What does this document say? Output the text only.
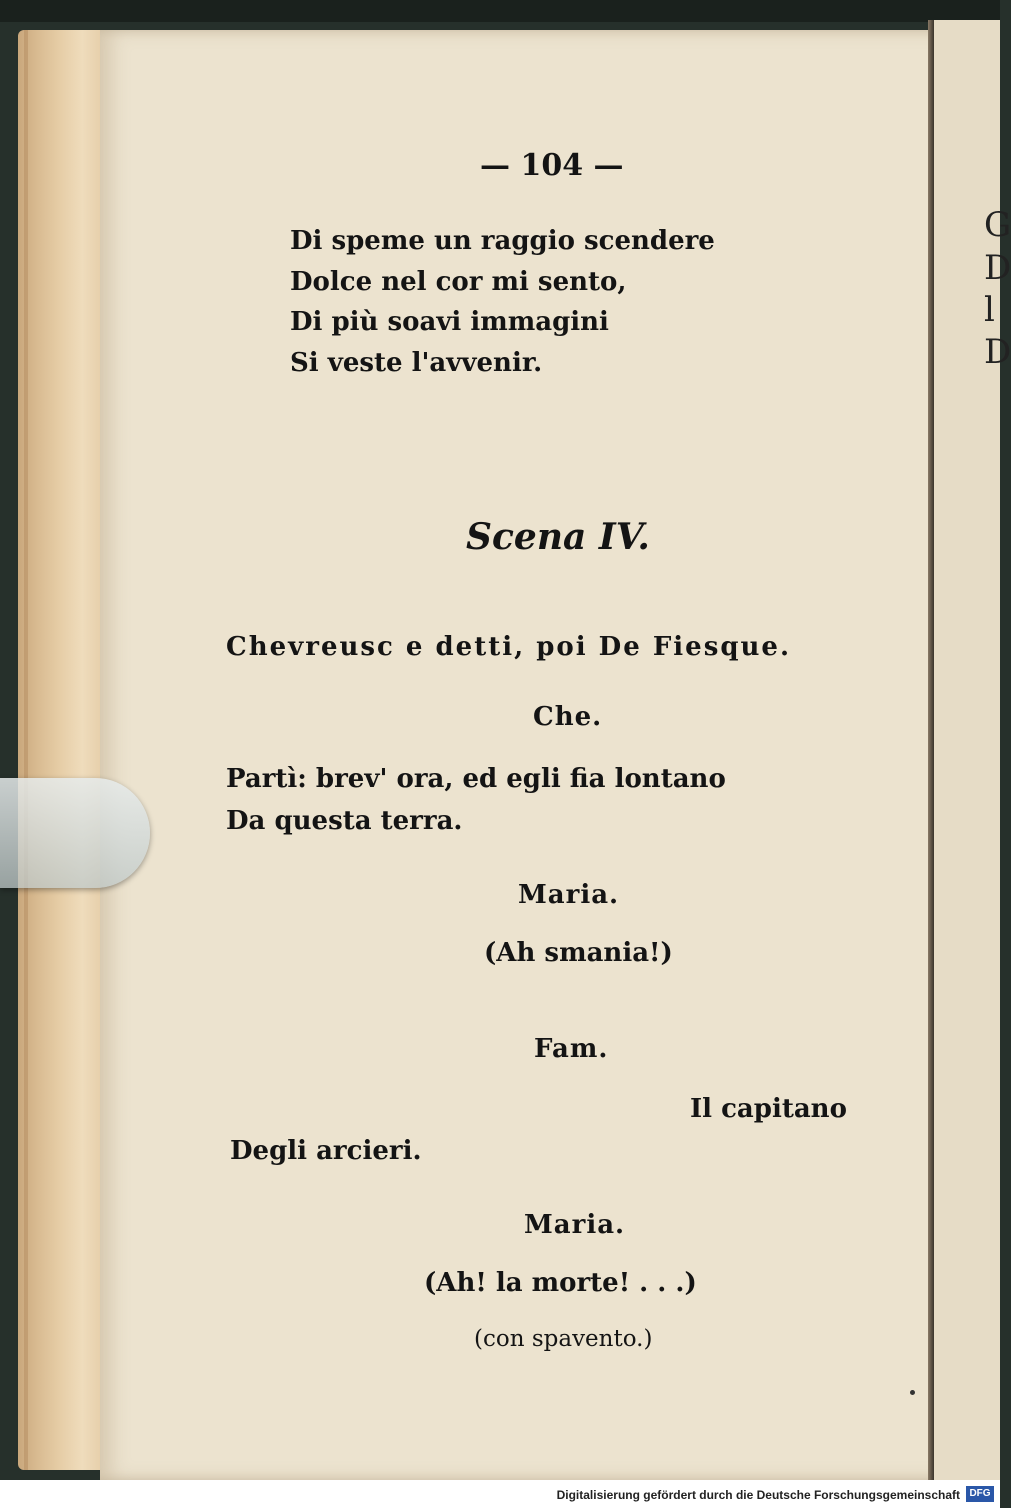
G
D
l
D
— 104 —
Di speme un raggio scendere
Dolce nel cor mi sento,
Di più soavi immagini
Si veste l'avvenir.
Scena IV.
Chevreusc e detti, poi De Fiesque.
Che.
Partì: brev' ora, ed egli fia lontano
Da questa terra.
Maria.
(Ah smania!)
Fam.
Il capitano
Degli arcieri.
Maria.
(Ah! la morte! . . .)
(con spavento.)
Digitalisierung gefördert durch die Deutsche Forschungsgemeinschaft DFG
